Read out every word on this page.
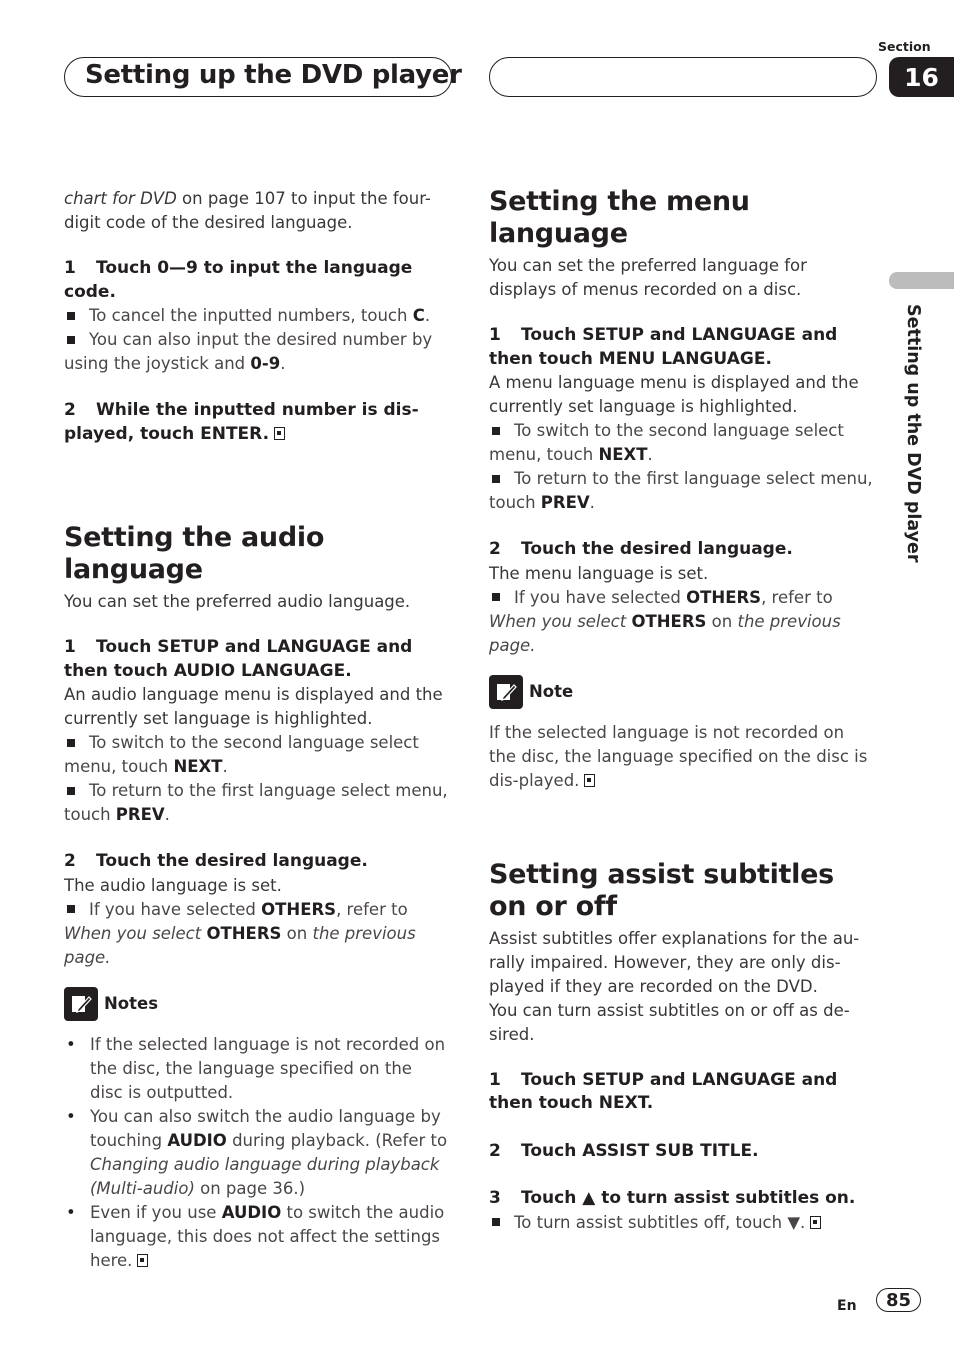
Setting up the DVD player
Section
16
Setting up the DVD player

chart for DVD on page 107 to input the four-digit code of the desired language.

1 Touch 0—9 to input the language code.

To cancel the inputted numbers, touch C.

You can also input the desired number by using the joystick and 0-9.

2 While the inputted number is dis-played, touch ENTER.

Setting the audio language

You can set the preferred audio language.

1 Touch SETUP and LANGUAGE and then touch AUDIO LANGUAGE.

An audio language menu is displayed and the currently set language is highlighted.

To switch to the second language select menu, touch NEXT.

To return to the first language select menu, touch PREV.

2 Touch the desired language.

The audio language is set.

If you have selected OTHERS, refer to When you select OTHERS on the previous page.

Notes
• If the selected language is not recorded on the disc, the language specified on the disc is outputted.
• You can also switch the audio language by touching AUDIO during playback. (Refer to Changing audio language during playback (Multi-audio) on page 36.)
• Even if you use AUDIO to switch the audio language, this does not affect the settings here.
Setting the menu language

You can set the preferred language for displays of menus recorded on a disc.

1 Touch SETUP and LANGUAGE and then touch MENU LANGUAGE.

A menu language menu is displayed and the currently set language is highlighted.

To switch to the second language select menu, touch NEXT.

To return to the first language select menu, touch PREV.

2 Touch the desired language.

The menu language is set.

If you have selected OTHERS, refer to When you select OTHERS on the previous page.

Note

If the selected language is not recorded on the disc, the language specified on the disc is dis-played.

Setting assist subtitles on or off

Assist subtitles offer explanations for the au-rally impaired. However, they are only dis-played if they are recorded on the DVD.

You can turn assist subtitles on or off as de-sired.

1 Touch SETUP and LANGUAGE and then touch NEXT.

2 Touch ASSIST SUB TITLE.

3 Touch ▲ to turn assist subtitles on.

To turn assist subtitles off, touch ▼.

En	85
